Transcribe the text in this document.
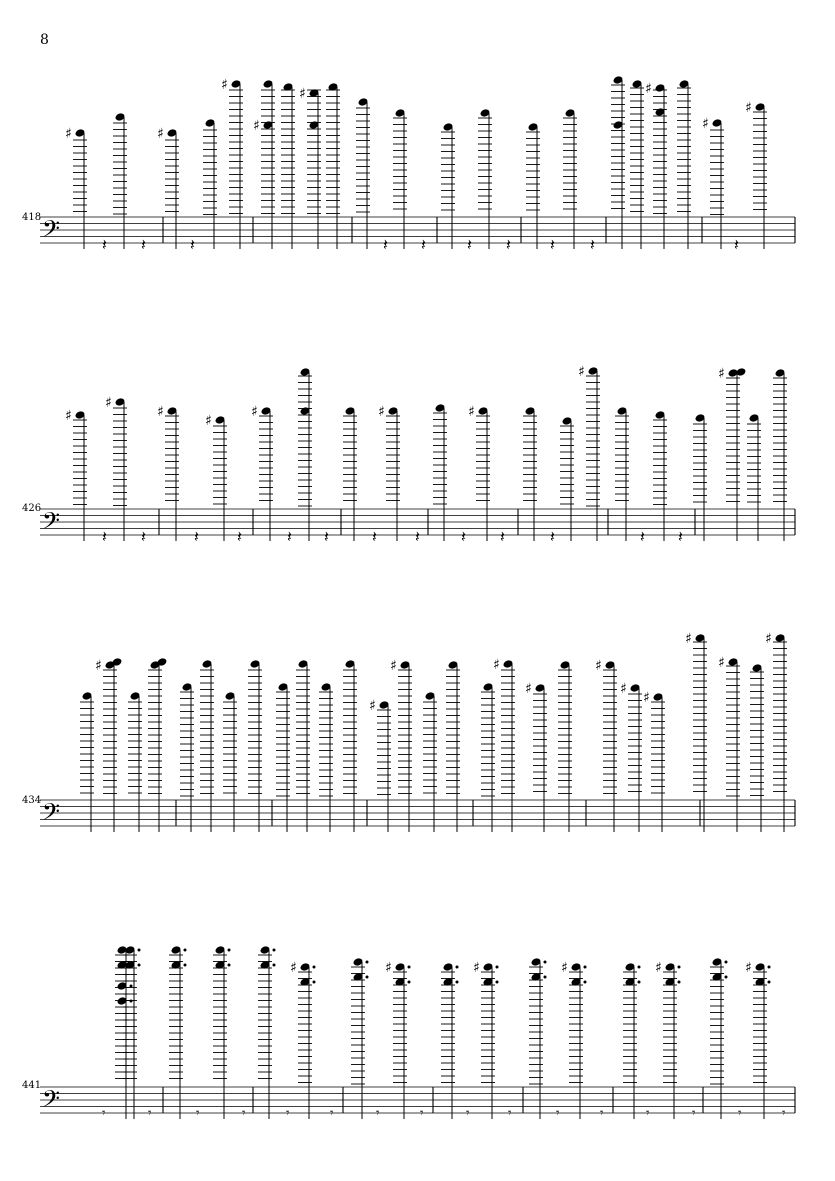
8
418
426
434
441
𝄢
♯	♯
♯
♯
♯	♯
♯
♯
𝄽 𝄽	𝄽	𝄽 𝄽	𝄽 𝄽 𝄽 𝄽	𝄽
𝄢
♯
♯
♯
♯
♯	♯	♯
♯	♯
𝄽 𝄽	𝄽 𝄽	𝄽 𝄽	𝄽 𝄽	𝄽 𝄽	𝄽	𝄽 𝄽
𝄢
♯
♯
♯	♯
♯
♯
♯
♯
♯
♯
♯
𝄢
♯	♯	♯	♯	♯	♯
𝄾	𝄾	𝄾	𝄾	𝄾	𝄾	𝄾	𝄾	𝄾	𝄾	𝄾	𝄾	𝄾	𝄾	𝄾	𝄾
